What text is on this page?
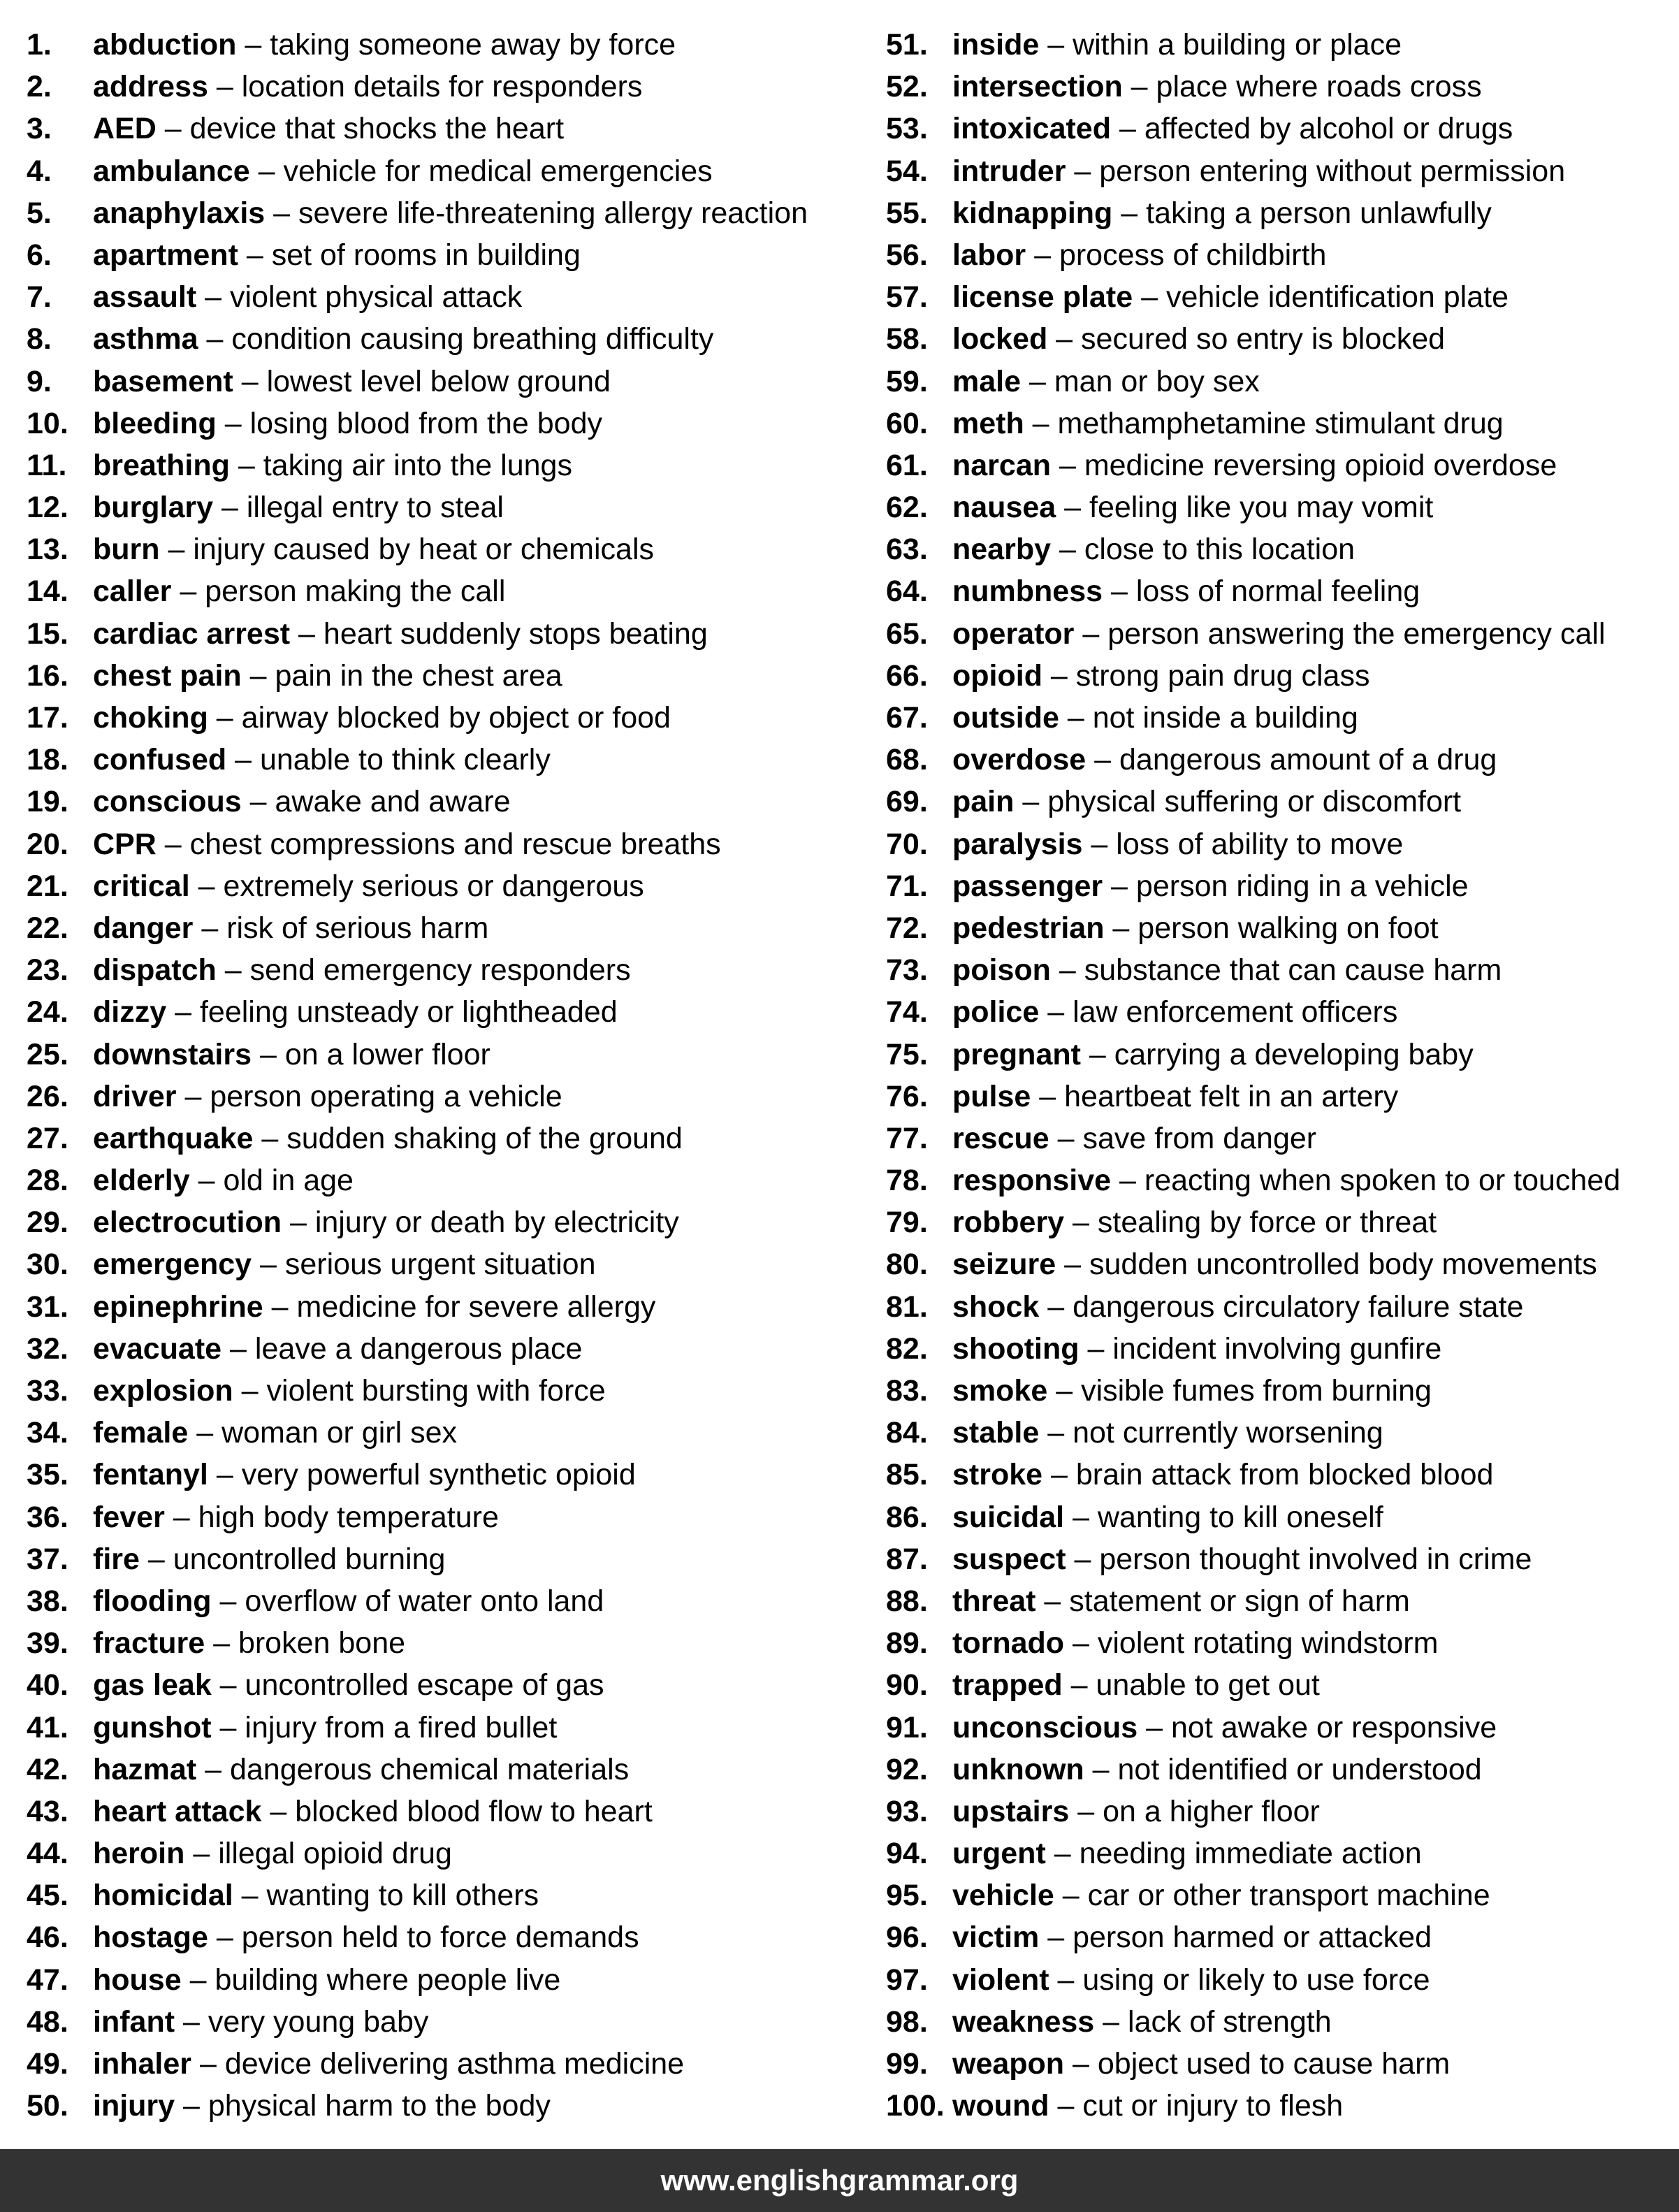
1.	abduction – taking someone away by force
2.	address – location details for responders
3.	AED – device that shocks the heart
4.	ambulance – vehicle for medical emergencies
5.	anaphylaxis – severe life-threatening allergy reaction
6.	apartment – set of rooms in building
7.	assault – violent physical attack
8.	asthma – condition causing breathing difficulty
9.	basement – lowest level below ground
10. bleeding – losing blood from the body
11. breathing – taking air into the lungs
12. burglary – illegal entry to steal
13. burn – injury caused by heat or chemicals
14. caller – person making the call
15. cardiac arrest – heart suddenly stops beating
16. chest pain – pain in the chest area
17. choking – airway blocked by object or food
18. confused – unable to think clearly
19. conscious – awake and aware
20. CPR – chest compressions and rescue breaths
21. critical – extremely serious or dangerous
22. danger – risk of serious harm
23. dispatch – send emergency responders
24. dizzy – feeling unsteady or lightheaded
25. downstairs – on a lower floor
26. driver – person operating a vehicle
27. earthquake – sudden shaking of the ground
28. elderly – old in age
29. electrocution – injury or death by electricity
30. emergency – serious urgent situation
31. epinephrine – medicine for severe allergy
32. evacuate – leave a dangerous place
33. explosion – violent bursting with force
34. female – woman or girl sex
35. fentanyl – very powerful synthetic opioid
36. fever – high body temperature
37. fire – uncontrolled burning
38. flooding – overflow of water onto land
39. fracture – broken bone
40. gas leak – uncontrolled escape of gas
41. gunshot – injury from a fired bullet
42. hazmat – dangerous chemical materials
43. heart attack – blocked blood flow to heart
44. heroin – illegal opioid drug
45. homicidal – wanting to kill others
46. hostage – person held to force demands
47. house – building where people live
48. infant – very young baby
49. inhaler – device delivering asthma medicine
50. injury – physical harm to the body
51. inside – within a building or place
52. intersection – place where roads cross
53. intoxicated – affected by alcohol or drugs
54. intruder – person entering without permission
55. kidnapping – taking a person unlawfully
56. labor – process of childbirth
57. license plate – vehicle identification plate
58. locked – secured so entry is blocked
59. male – man or boy sex
60. meth – methamphetamine stimulant drug
61. narcan – medicine reversing opioid overdose
62. nausea – feeling like you may vomit
63. nearby – close to this location
64. numbness – loss of normal feeling
65. operator – person answering the emergency call
66. opioid – strong pain drug class
67. outside – not inside a building
68. overdose – dangerous amount of a drug
69. pain – physical suffering or discomfort
70. paralysis – loss of ability to move
71. passenger – person riding in a vehicle
72. pedestrian – person walking on foot
73. poison – substance that can cause harm
74. police – law enforcement officers
75. pregnant – carrying a developing baby
76. pulse – heartbeat felt in an artery
77. rescue – save from danger
78. responsive – reacting when spoken to or touched
79. robbery – stealing by force or threat
80. seizure – sudden uncontrolled body movements
81. shock – dangerous circulatory failure state
82. shooting – incident involving gunfire
83. smoke – visible fumes from burning
84. stable – not currently worsening
85. stroke – brain attack from blocked blood
86. suicidal – wanting to kill oneself
87. suspect – person thought involved in crime
88. threat – statement or sign of harm
89. tornado – violent rotating windstorm
90. trapped – unable to get out
91. unconscious – not awake or responsive
92. unknown – not identified or understood
93. upstairs – on a higher floor
94. urgent – needing immediate action
95. vehicle – car or other transport machine
96. victim – person harmed or attacked
97. violent – using or likely to use force
98. weakness – lack of strength
99. weapon – object used to cause harm
100. wound – cut or injury to flesh
www.englishgrammar.org
